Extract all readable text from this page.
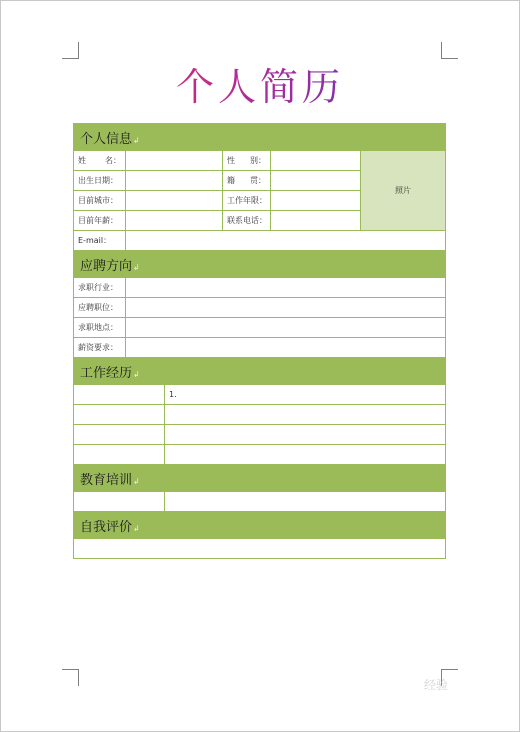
个人简历
个人信息↲					

姓 名：			性 别：		照片
出生日期：			籍 贯：		

目前城市：			工作年限：		
目前年薪：			联系电话：		
E-mail：					
应聘方向↲					
求职行业：					
应聘职位：					
求职地点：					
薪资要求：					
工作经历↲					
		1.			

教育培训↲					

自我评价↲					

经验
